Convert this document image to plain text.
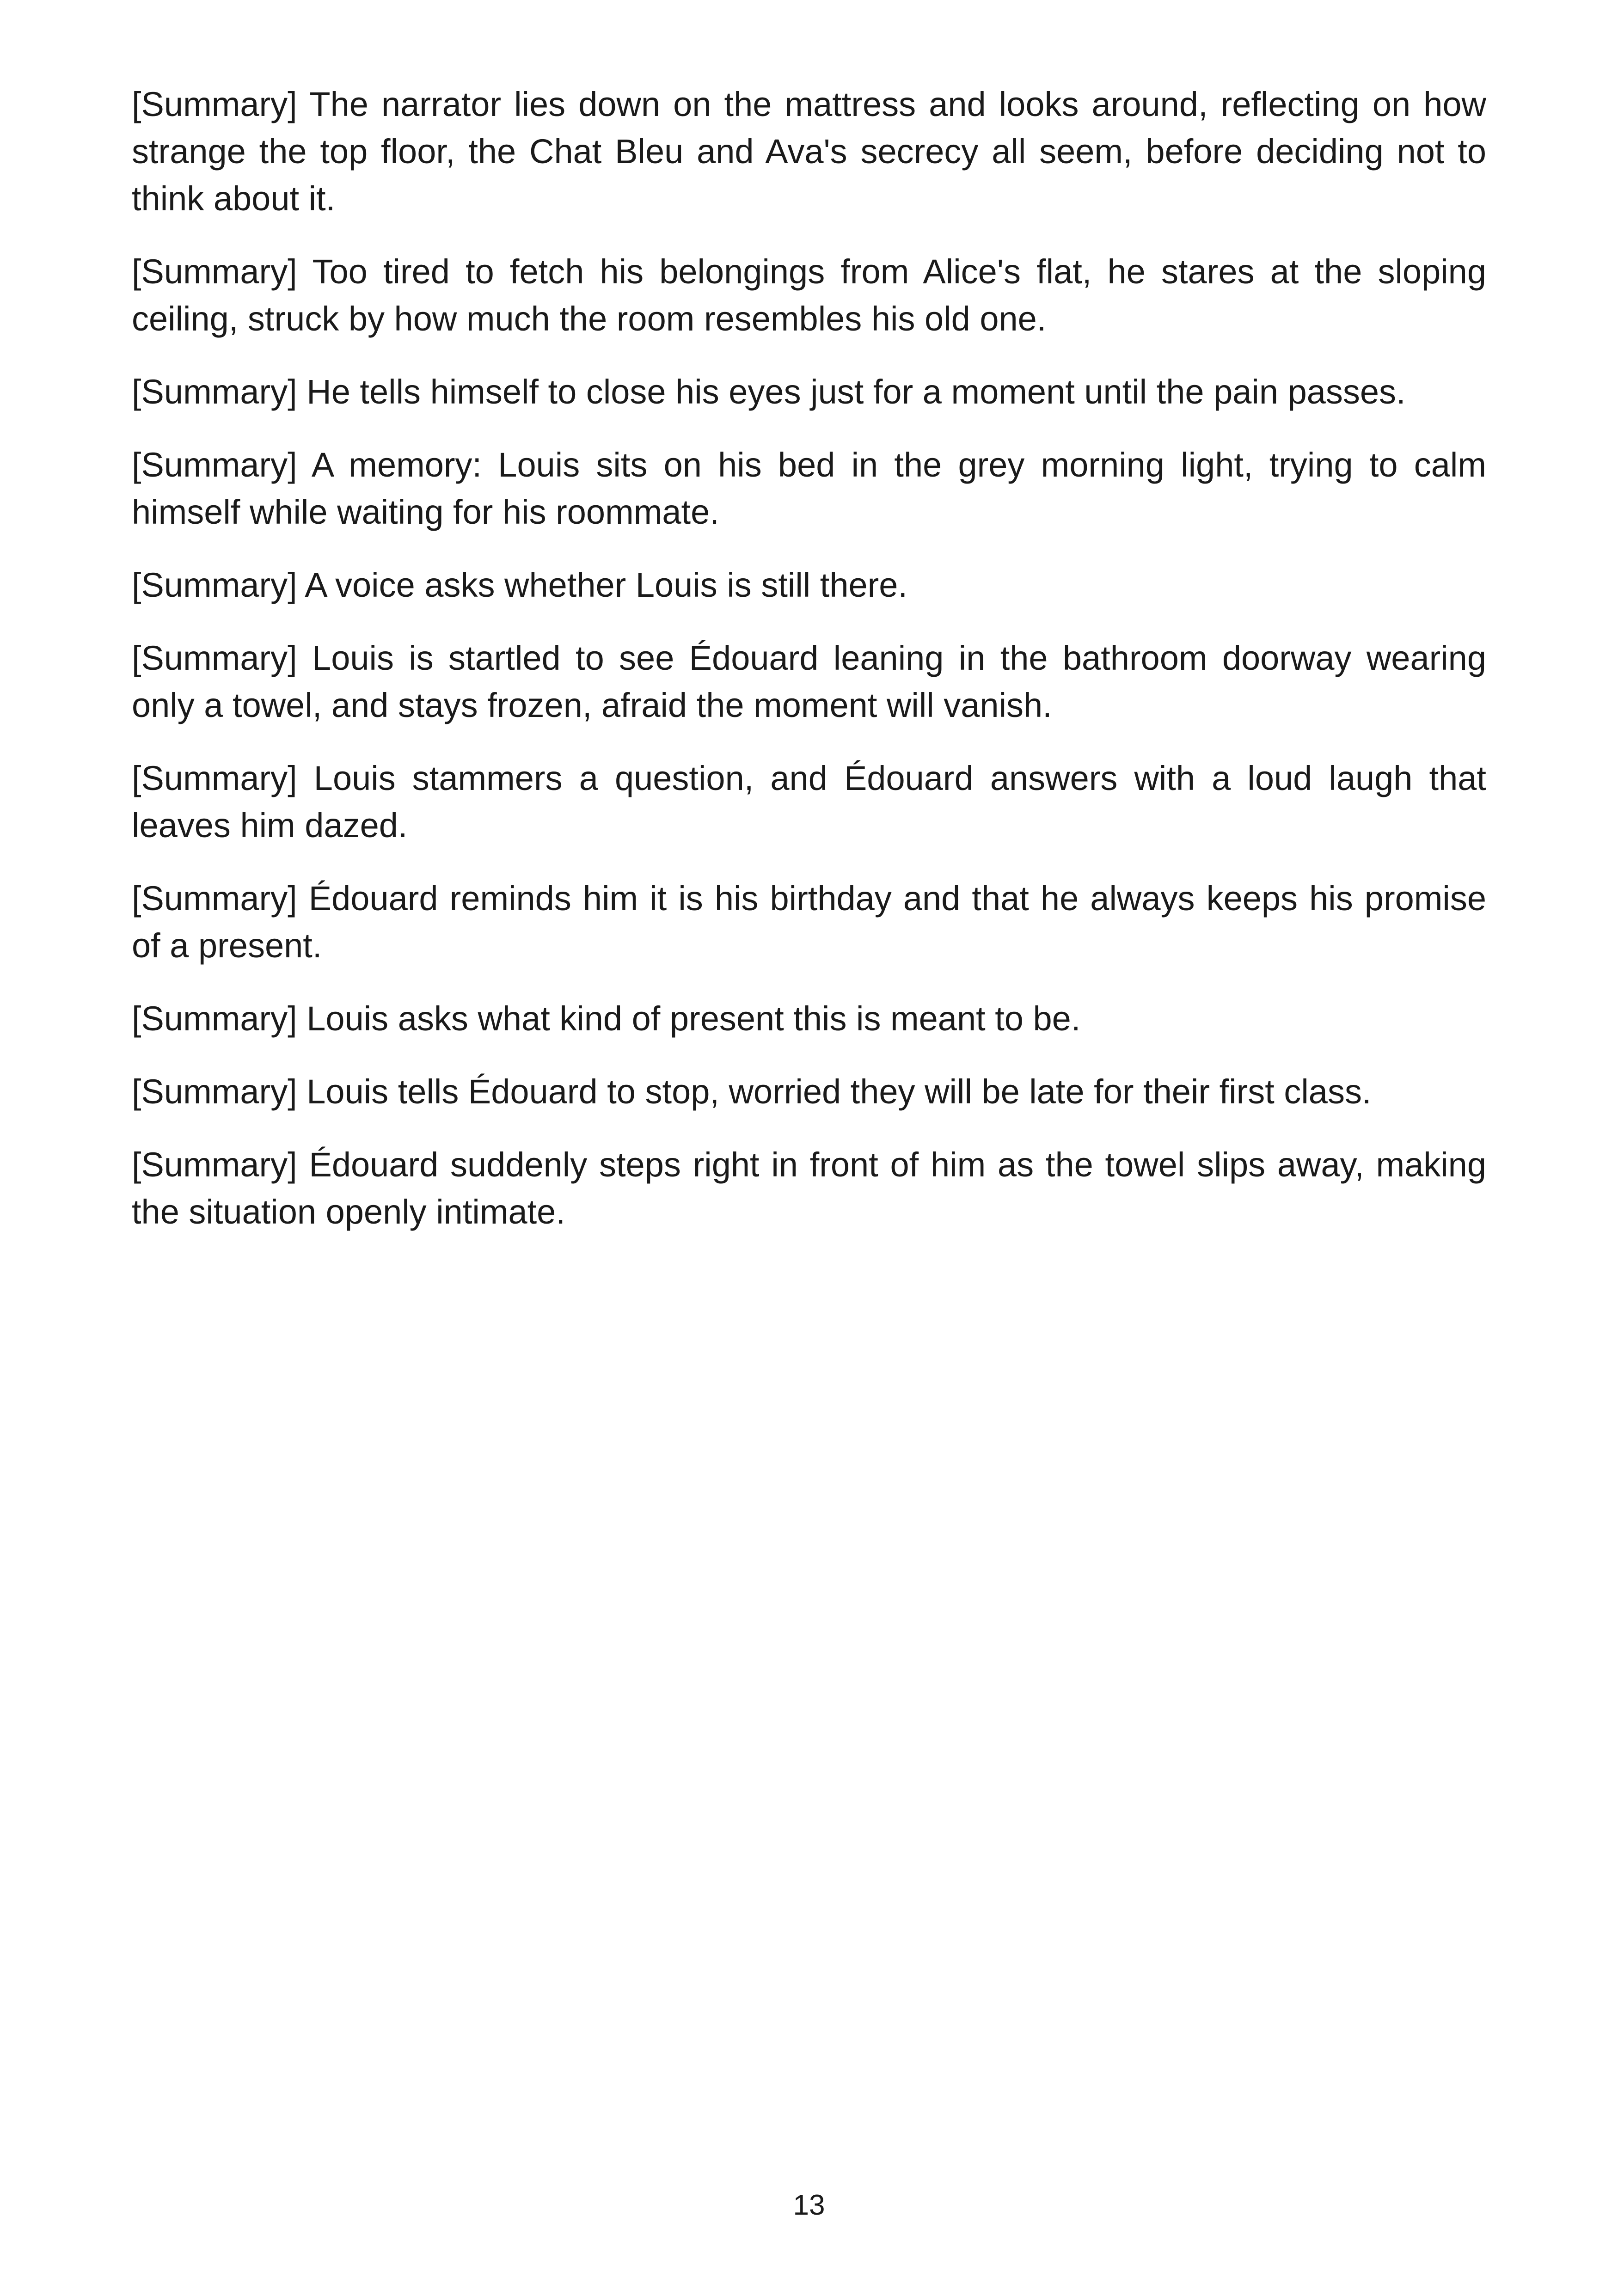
[Summary] The narrator lies down on the mattress and looks around, reflecting on how strange the top floor, the Chat Bleu and Ava's secrecy all seem, before deciding not to think about it.

[Summary] Too tired to fetch his belongings from Alice's flat, he stares at the sloping ceiling, struck by how much the room resembles his old one.

[Summary] He tells himself to close his eyes just for a moment until the pain passes.

[Summary] A memory: Louis sits on his bed in the grey morning light, trying to calm himself while waiting for his roommate.

[Summary] A voice asks whether Louis is still there.

[Summary] Louis is startled to see Édouard leaning in the bathroom doorway wearing only a towel, and stays frozen, afraid the moment will vanish.

[Summary] Louis stammers a question, and Édouard answers with a loud laugh that leaves him dazed.

[Summary] Édouard reminds him it is his birthday and that he always keeps his promise of a present.

[Summary] Louis asks what kind of present this is meant to be.

[Summary] Louis tells Édouard to stop, worried they will be late for their first class.

[Summary] Édouard suddenly steps right in front of him as the towel slips away, making the situation openly intimate.

13
